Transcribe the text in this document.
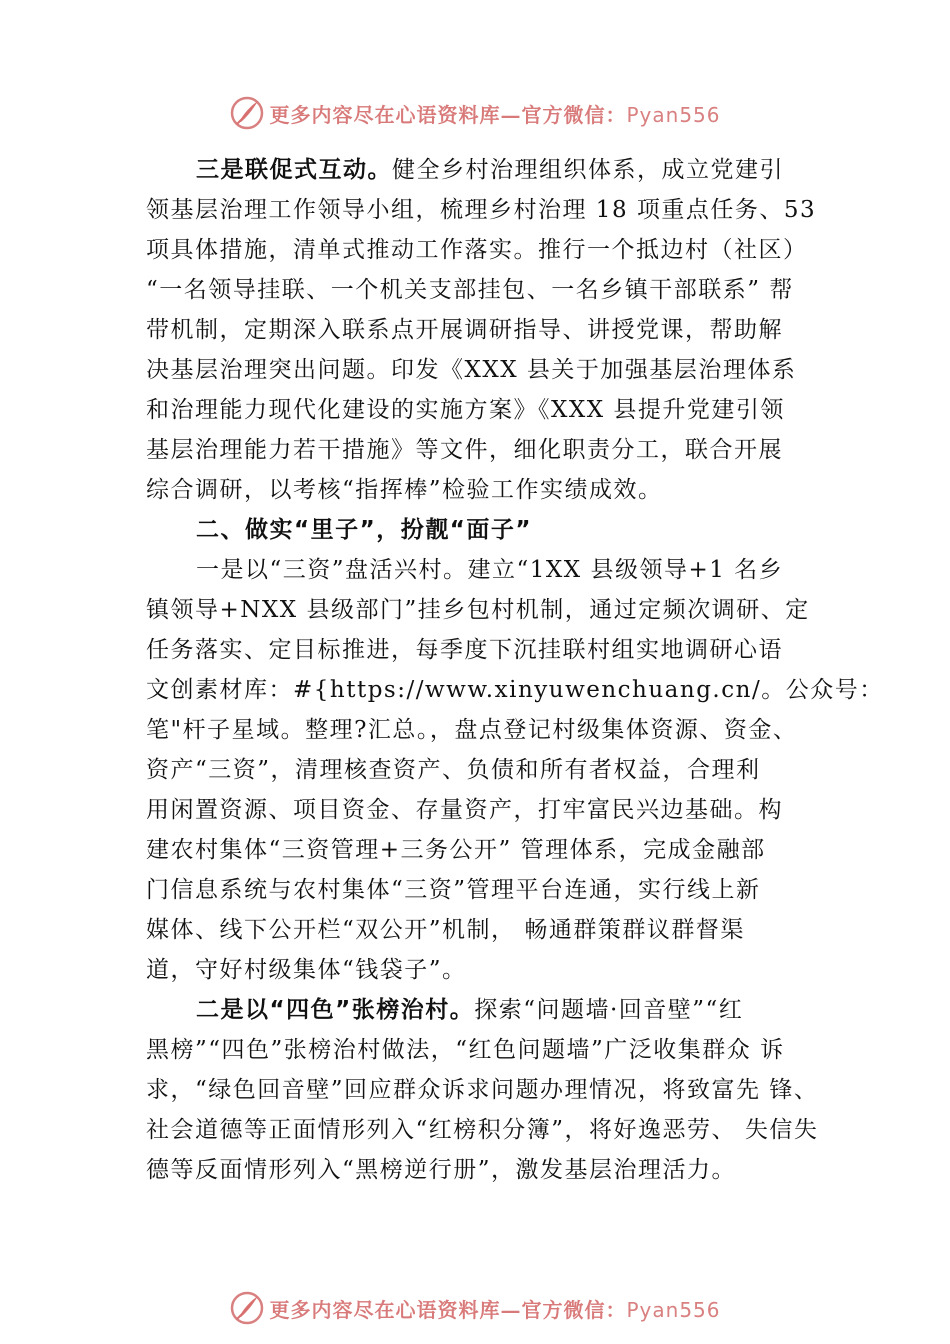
更多内容尽在心语资料库—官方微信：Pyan556
三是联促式互动。健全乡村治理组织体系，成立党建引
领基层治理工作领导小组，梳理乡村治理 18 项重点任务、53
项具体措施，清单式推动工作落实。推行一个抵边村（社区）
“一名领导挂联、一个机关支部挂包、一名乡镇干部联系” 帮
带机制，定期深入联系点开展调研指导、讲授党课，帮助解
决基层治理突出问题。印发《XXX 县关于加强基层治理体系
和治理能力现代化建设的实施方案》《XXX 县提升党建引领
基层治理能力若干措施》等文件，细化职责分工，联合开展
综合调研，以考核“指挥棒”检验工作实绩成效。
二、做实“里子”，扮靓“面子”
一是以“三资”盘活兴村。建立“1XX 县级领导+1 名乡
镇领导+NXX 县级部门”挂乡包村机制，通过定频次调研、定
任务落实、定目标推进，每季度下沉挂联村组实地调研心语
文创素材库：#{https://www.xinyuwenchuang.cn/。公众号：
笔"杆子星域。整理?汇总。，盘点登记村级集体资源、资金、
资产“三资”，清理核查资产、负债和所有者权益，合理利
用闲置资源、项目资金、存量资产，打牢富民兴边基础。构
建农村集体“三资管理+三务公开” 管理体系，完成金融部
门信息系统与农村集体“三资”管理平台连通，实行线上新
媒体、线下公开栏“双公开”机制， 畅通群策群议群督渠
道，守好村级集体“钱袋子”。
二是以“四色”张榜治村。探索“问题墙·回音壁”“红
黑榜”“四色”张榜治村做法，“红色问题墙”广泛收集群众 诉
求，“绿色回音壁”回应群众诉求问题办理情况，将致富先 锋、
社会道德等正面情形列入“红榜积分簿”，将好逸恶劳、 失信失
德等反面情形列入“黑榜逆行册”，激发基层治理活力。
更多内容尽在心语资料库—官方微信：Pyan556
